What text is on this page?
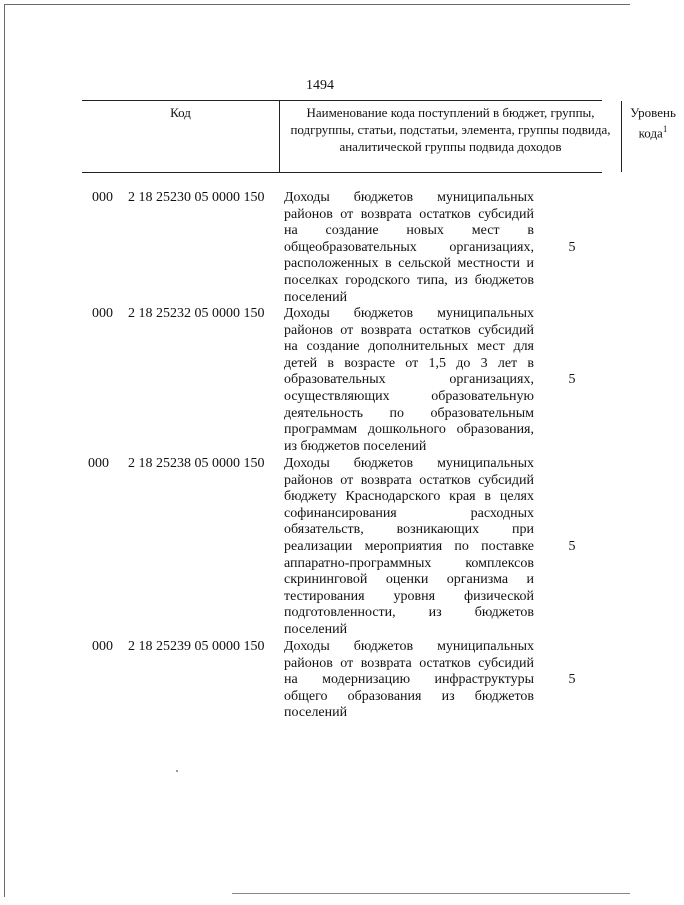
1494
Код	Наименование кода поступлений в бюджет, группы, подгруппы, статьи, подстатьи, элемента, группы подвида, аналитической группы подвида доходов
Уровень кода$^1$
000 2 18 25230 05 0000 150 Доходы бюджетов муниципальных районов от возврата остатков субсидий на создание новых мест в общеобразовательных организациях, расположенных в сельской местности и поселках городского типа, из бюджетов поселений
5
000 2 18 25232 05 0000 150 Доходы бюджетов муниципальных районов от возврата остатков субсидий на создание дополнительных мест для детей в возрасте от 1,5 до 3 лет в образовательных организациях, осуществляющих образовательную деятельность по образовательным программам дошкольного образования, из бюджетов поселений
5
000 2 18 25238 05 0000 150 Доходы бюджетов муниципальных районов от возврата остатков субсидий бюджету Краснодарского края в целях софинансирования расходных обязательств, возникающих при реализации мероприятия по поставке аппаратно-программных комплексов скрининговой оценки организма и тестирования уровня физической подготовленности, из бюджетов поселений
5
000 2 18 25239 05 0000 150 Доходы бюджетов муниципальных районов от возврата остатков субсидий на модернизацию инфраструктуры общего образования из бюджетов поселений
5
